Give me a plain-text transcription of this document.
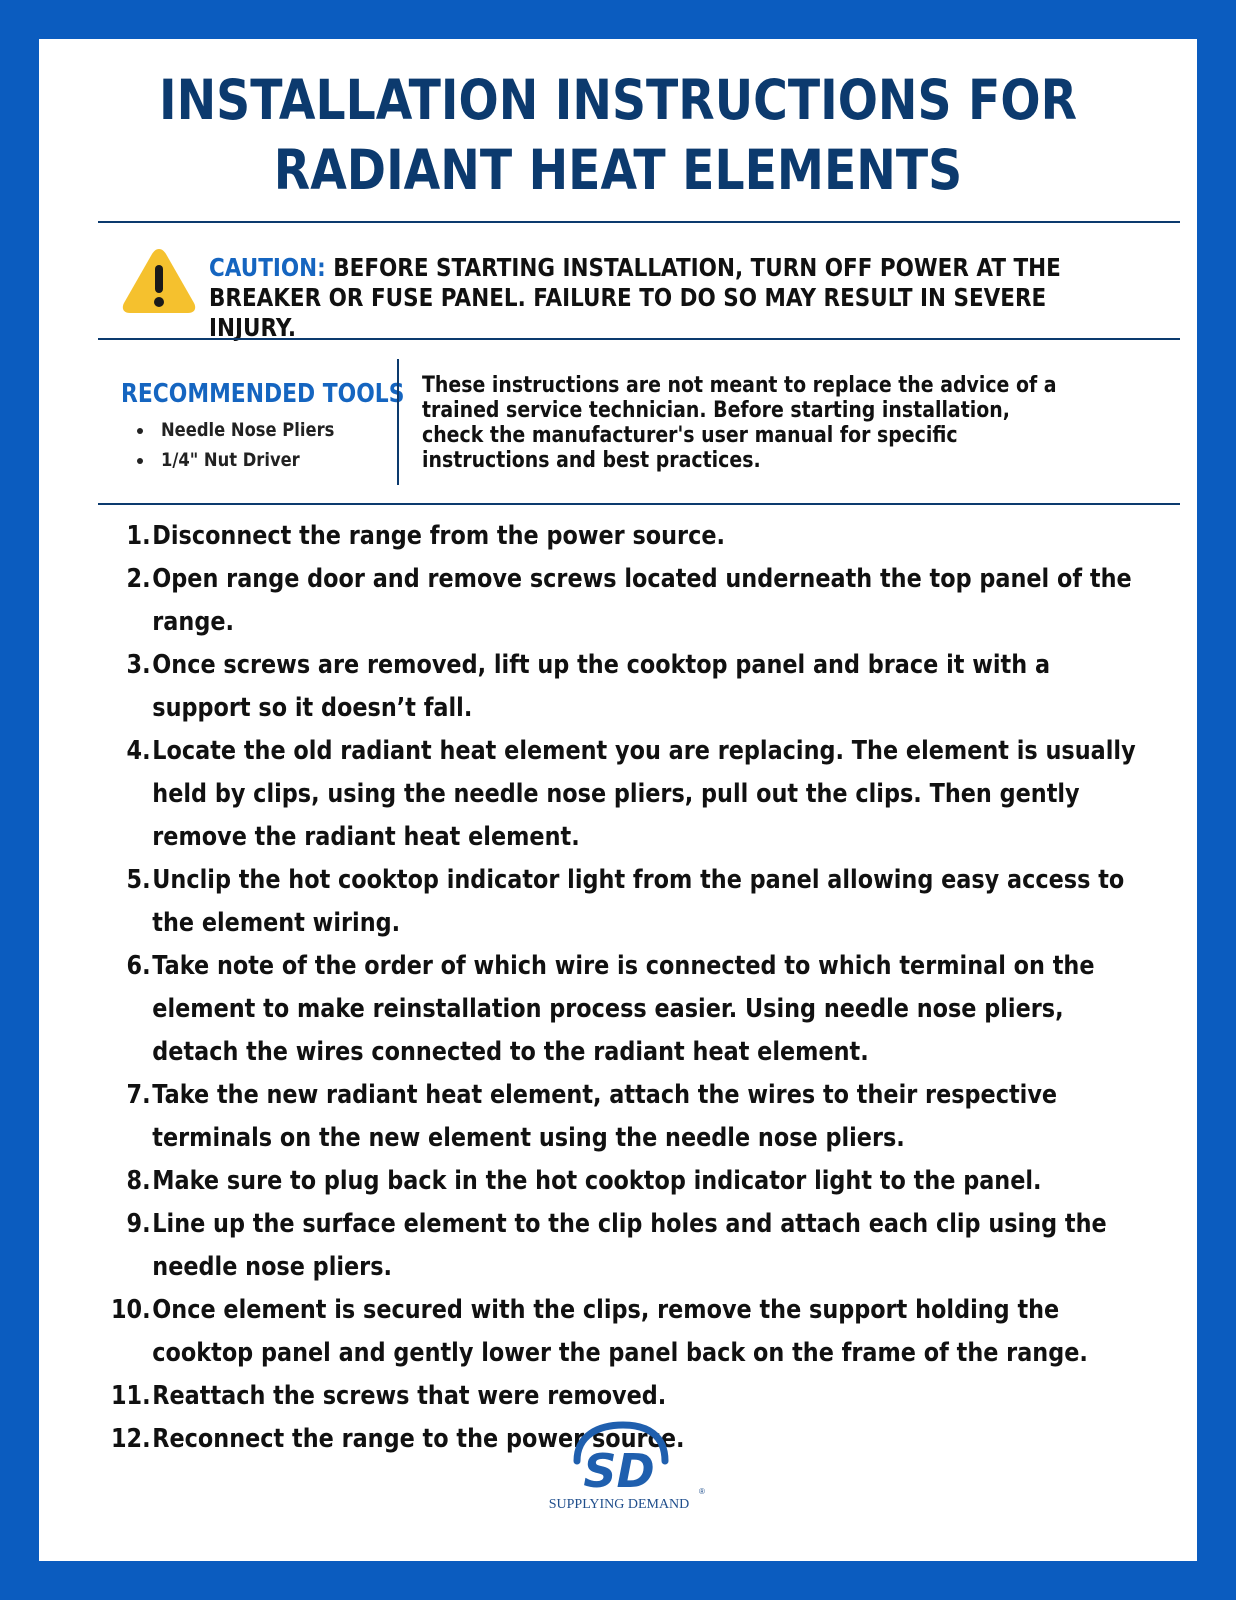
INSTALLATION INSTRUCTIONS FOR
RADIANT HEAT ELEMENTS
CAUTION: BEFORE STARTING INSTALLATION, TURN OFF POWER AT THE BREAKER OR FUSE PANEL. FAILURE TO DO SO MAY RESULT IN SEVERE INJURY.

RECOMMENDED TOOLS

Needle Nose Pliers
1/4" Nut Driver
These instructions are not meant to replace the advice of a trained service technician. Before starting installation, check the manufacturer's user manual for specific instructions and best practices.

1. Disconnect the range from the power source.

2. Open range door and remove screws located underneath the top panel of the range.

3. Once screws are removed, lift up the cooktop panel and brace it with a support so it doesn’t fall.

4. Locate the old radiant heat element you are replacing. The element is usually held by clips, using the needle nose pliers, pull out the clips. Then gently remove the radiant heat element.

5. Unclip the hot cooktop indicator light from the panel allowing easy access to the element wiring.

6. Take note of the order of which wire is connected to which terminal on the element to make reinstallation process easier. Using needle nose pliers, detach the wires connected to the radiant heat element.

7. Take the new radiant heat element, attach the wires to their respective terminals on the new element using the needle nose pliers.

8. Make sure to plug back in the hot cooktop indicator light to the panel.

9. Line up the surface element to the clip holes and attach each clip using the needle nose pliers.

10. Once element is secured with the clips, remove the support holding the cooktop panel and gently lower the panel back on the frame of the range.

11. Reattach the screws that were removed.

12. Reconnect the range to the power source.

SD	®
SUPPLYING DEMAND
